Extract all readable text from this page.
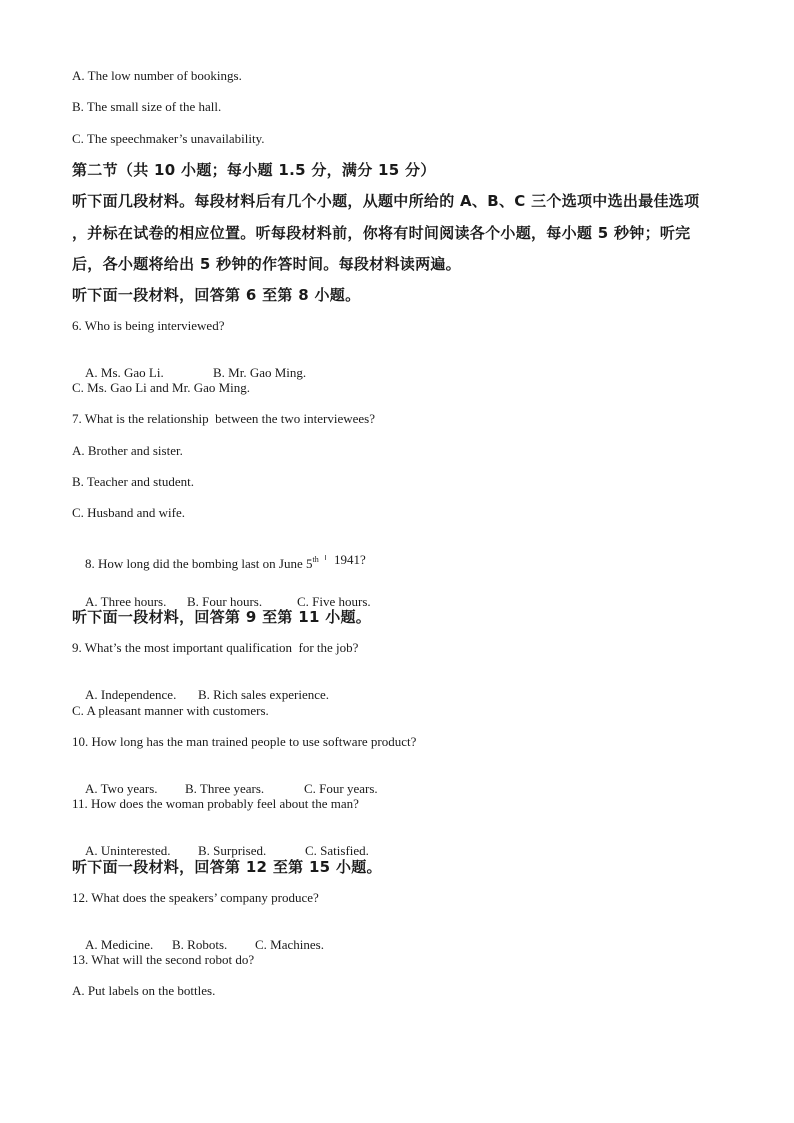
A. The low number of bookings.
B. The small size of the hall.
C. The speechmaker’s unavailability.
第二节（共 10 小题；每小题 1.5 分，满分 15 分）
听下面几段材料。每段材料后有几个小题，从题中所给的 A、B、C 三个选项中选出最佳选项
，并标在试卷的相应位置。听每段材料前，你将有时间阅读各个小题，每小题 5 秒钟；听完
后，各小题将给出 5 秒钟的作答时间。每段材料读两遍。
听下面一段材料，回答第 6 至第 8 小题。
6. Who is being interviewed?

A. Ms. Gao Li.	B. Mr. Gao Ming.

C. Ms. Gao Li and Mr. Gao Ming.
7. What is the relationship  between the two interviewees?
A. Brother and sister.
B. Teacher and student.
C. Husband and wife.

8. How long did the bombing last on June 5th 1941?

A. Three hours. B. Four hours.	C. Five hours.

听下面一段材料，回答第 9 至第 11 小题。
9. What’s the most important qualification  for the job?

A. Independence. B. Rich sales experience.

C. A pleasant manner with customers.
10. How long has the man trained people to use software product?

A. Two years. B. Three years.	C. Four years.

11. How does the woman probably feel about the man?

A. Uninterested. B. Surprised.	C. Satisfied.

听下面一段材料，回答第 12 至第 15 小题。
12. What does the speakers’ company produce?

A. Medicine. B. Robots. C. Machines.

13. What will the second robot do?
A. Put labels on the bottles.
